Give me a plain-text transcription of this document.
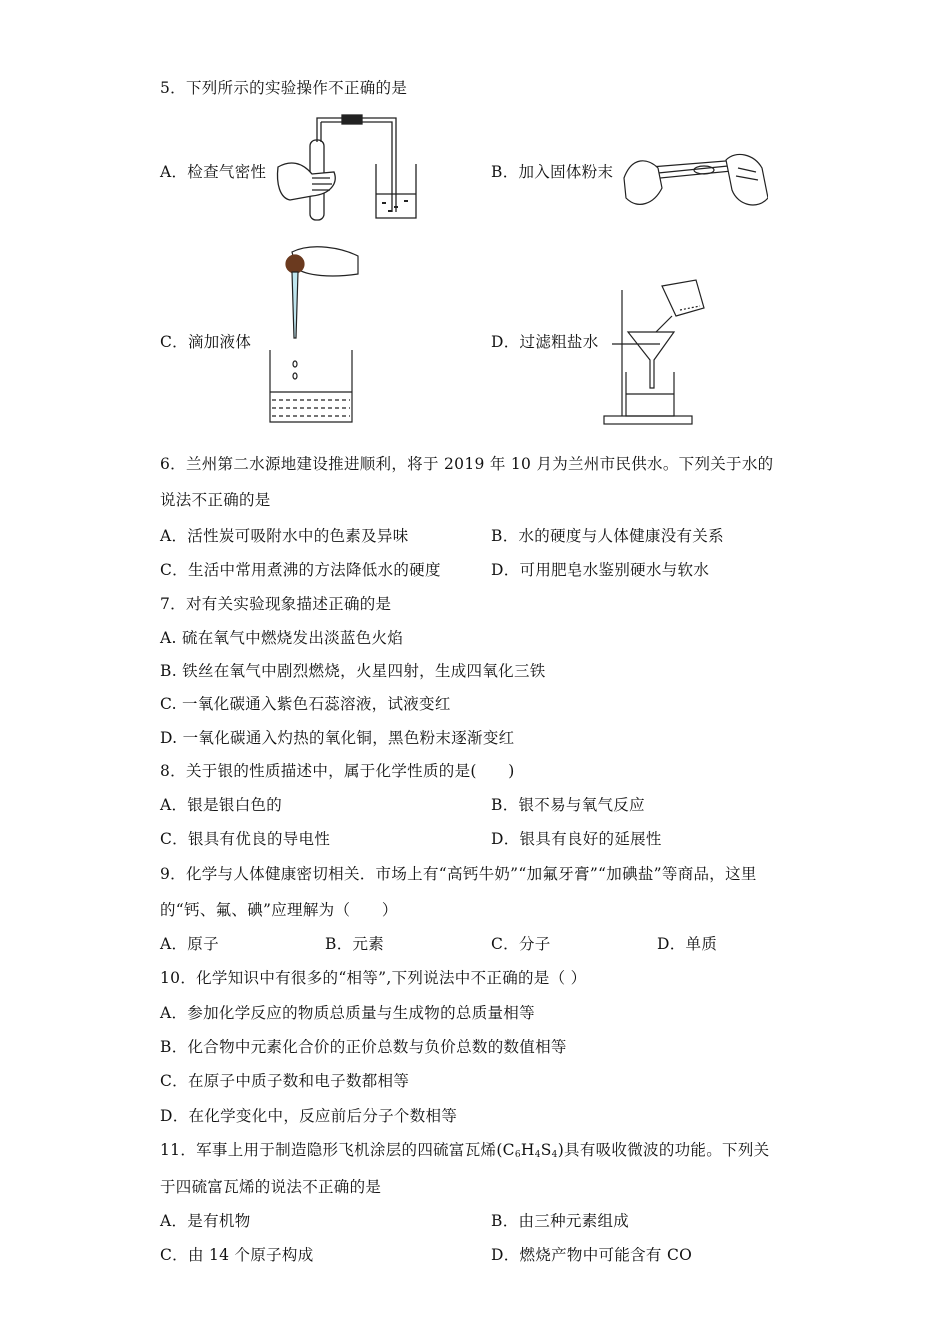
5．下列所示的实验操作不正确的是
A．检查气密性	B．加入固体粉末
C．滴加液体	D．过滤粗盐水
6．兰州第二水源地建设推进顺利，将于 2019 年 10 月为兰州市民供水。下列关于水的
说法不正确的是
A．活性炭可吸附水中的色素及异味	B．水的硬度与人体健康没有关系
C．生活中常用煮沸的方法降低水的硬度	D．可用肥皂水鉴别硬水与软水
7．对有关实验现象描述正确的是
A. 硫在氧气中燃烧发出淡蓝色火焰
B. 铁丝在氧气中剧烈燃烧，火星四射，生成四氧化三铁
C. 一氧化碳通入紫色石蕊溶液，试液变红
D. 一氧化碳通入灼热的氧化铜，黑色粉末逐渐变红
8．关于银的性质描述中，属于化学性质的是(　　)
A．银是银白色的	B．银不易与氧气反应
C．银具有优良的导电性	D．银具有良好的延展性
9．化学与人体健康密切相关．市场上有“高钙牛奶”“加氟牙膏”“加碘盐”等商品，这里
的“钙、氟、碘”应理解为（　　）
A．原子	B．元素	C．分子	D．单质
10．化学知识中有很多的“相等”,下列说法中不正确的是（ ）
A．参加化学反应的物质总质量与生成物的总质量相等
B．化合物中元素化合价的正价总数与负价总数的数值相等
C．在原子中质子数和电子数都相等
D．在化学变化中，反应前后分子个数相等
11．军事上用于制造隐形飞机涂层的四硫富瓦烯$(C_6H_4S_4)$具有吸收微波的功能。下列关
于四硫富瓦烯的说法不正确的是
A．是有机物	B．由三种元素组成
C．由 14 个原子构成	D．燃烧产物中可能含有 CO
